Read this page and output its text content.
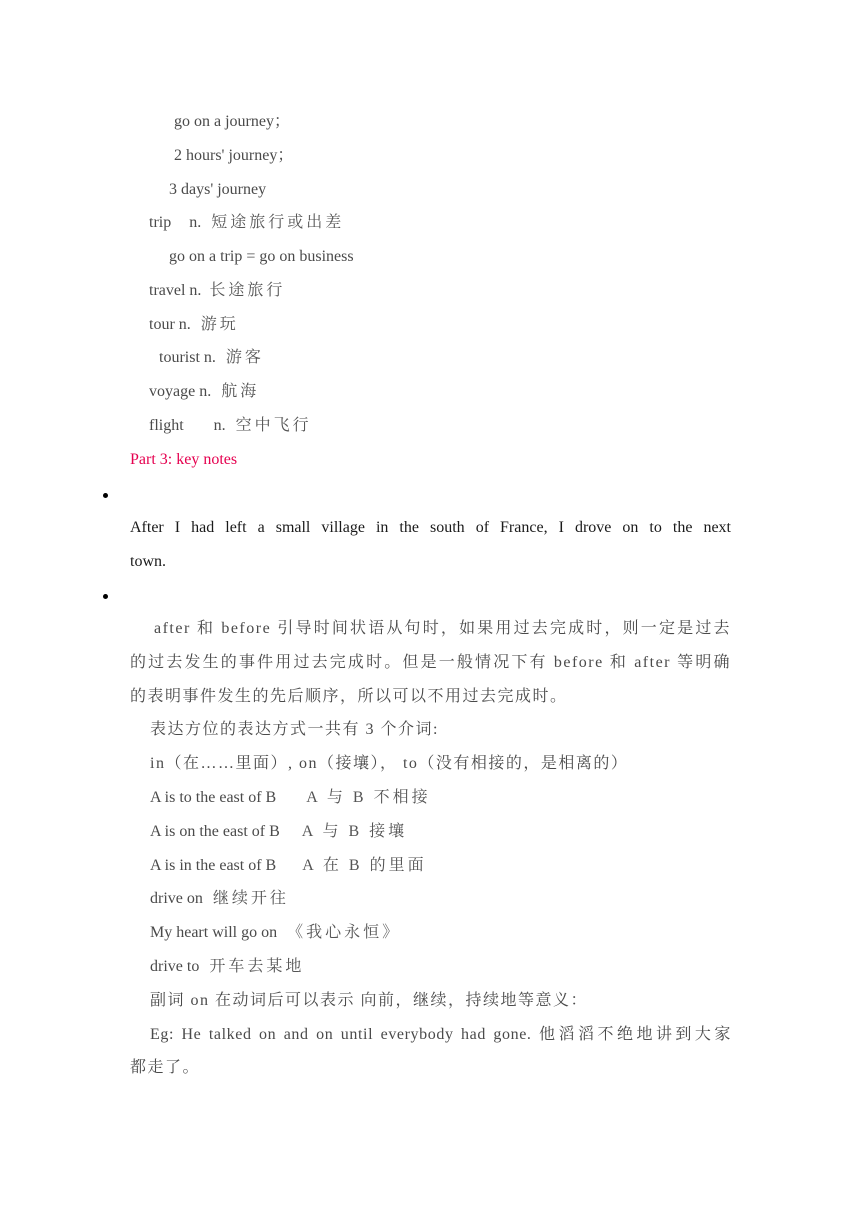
go on a journey；
2 hours' journey；
3 days' journey
trip n. 短途旅行或出差
go on a trip = go on business
travel n. 长途旅行
tour n. 游玩
tourist n. 游客
voyage n. 航海
flight n. 空中飞行
Part 3: key notes
After I had left a small village in the south of France, I drove on to the next
town.
after 和 before 引导时间状语从句时，如果用过去完成时，则一定是过去
的过去发生的事件用过去完成时。但是一般情况下有 before 和 after 等明确
的表明事件发生的先后顺序，所以可以不用过去完成时。
表达方位的表达方式一共有 3 个介词:
in（在……里面）, on（接壤）， to（没有相接的，是相离的）
A is to the east of B A 与 B 不相接
A is on the east of B A 与 B 接壤
A is in the east of B A 在 B 的里面
drive on 继续开往
My heart will go on 《我心永恒》
drive to 开车去某地
副词 on 在动词后可以表示 向前，继续，持续地等意义：
Eg: He talked on and on until everybody had gone. 他滔滔不绝地讲到大家
都走了。
